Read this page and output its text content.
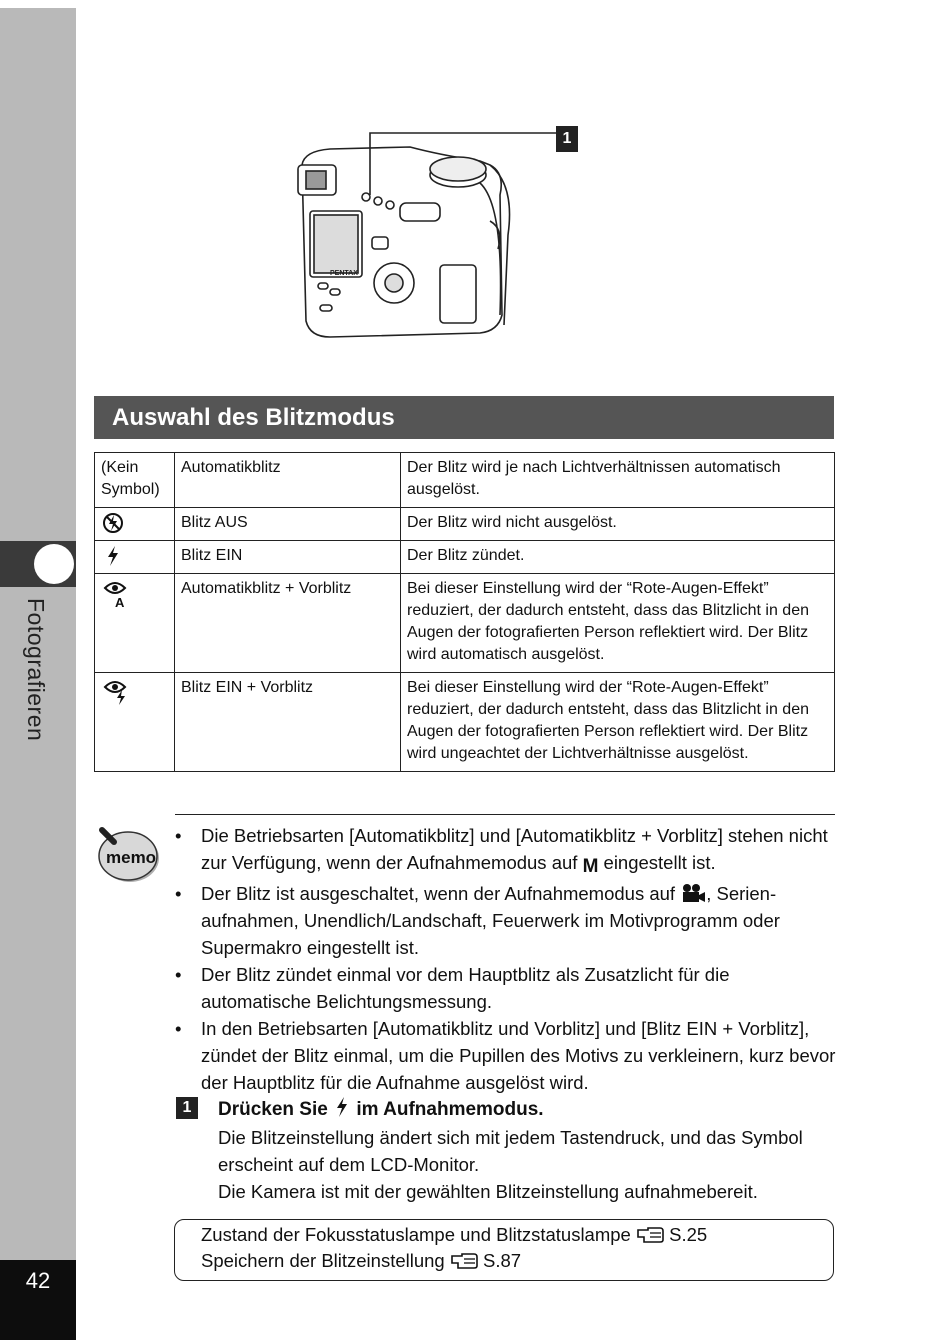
Fotografieren
42
PENTAX
1
Auswahl des Blitzmodus
(Kein Symbol)	Automatikblitz	Der Blitz wird je nach Lichtverhältnissen automatisch ausgelöst.

	Blitz AUS	Der Blitz wird nicht ausgelöst.

	Blitz EIN	Der Blitz zündet.

A	Automatikblitz + Vorblitz	Bei dieser Einstellung wird der “Rote-Augen-Effekt” reduziert, der dadurch entsteht, dass das Blitzlicht in den Augen der fotografierten Person reflektiert wird. Der Blitz wird automatisch ausgelöst.

	Blitz EIN + Vorblitz	Bei dieser Einstellung wird der “Rote-Augen-Effekt” reduziert, der dadurch entsteht, dass das Blitzlicht in den Augen der fotografierten Person reflektiert wird. Der Blitz wird ungeachtet der Lichtverhältnisse ausgelöst.
memo
• Die Betriebsarten [Automatikblitz] und [Automatikblitz + Vorblitz] stehen nicht zur Verfügung, wenn der Aufnahmemodus auf M eingestellt ist.
• Der Blitz ist ausgeschaltet, wenn der Aufnahmemodus auf , Serien-aufnahmen, Unendlich/Landschaft, Feuerwerk im Motivprogramm oder Supermakro eingestellt ist.
• Der Blitz zündet einmal vor dem Hauptblitz als Zusatzlicht für die automatische Belichtungsmessung.
• In den Betriebsarten [Automatikblitz und Vorblitz] und [Blitz EIN + Vorblitz], zündet der Blitz einmal, um die Pupillen des Motivs zu verkleinern, kurz bevor der Hauptblitz für die Aufnahme ausgelöst wird.
1	Drücken Sie  im Aufnahmemodus.

Die Blitzeinstellung ändert sich mit jedem Tastendruck, und das Symbol erscheint auf dem LCD-Monitor.

Die Kamera ist mit der gewählten Blitzeinstellung aufnahmebereit.

Zustand der Fokusstatuslampe und Blitzstatuslampe S.25
Speichern der Blitzeinstellung S.87
